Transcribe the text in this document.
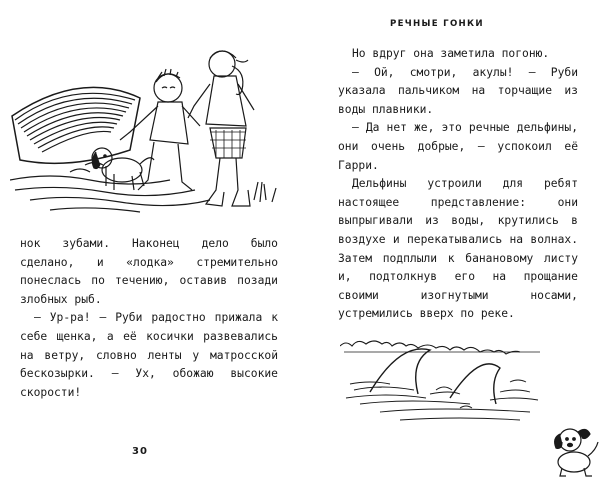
нок зубами. Наконец дело было сделано, и «лодка» стремительно понеслась по течению, оставив позади злобных рыб.

– Ур-ра! – Руби радостно прижала к себе щенка, а её косички развевались на ветру, словно ленты у матросской бескозырки. – Ух, обожаю высокие скорости!

30
РЕЧНЫЕ ГОНКИ

Но вдруг она заметила погоню.

– Ой, смотри, акулы! – Руби указала пальчиком на торчащие из воды плавники.

– Да нет же, это речные дельфины, они очень добрые, – успокоил её Гарри.

Дельфины устроили для ребят настоящее представление: они выпрыгивали из воды, крутились в воздухе и перекатывались на волнах. Затем подплыли к банановому листу и, подтолкнув его на прощание своими изогнутыми носами, устремились вверх по реке.
